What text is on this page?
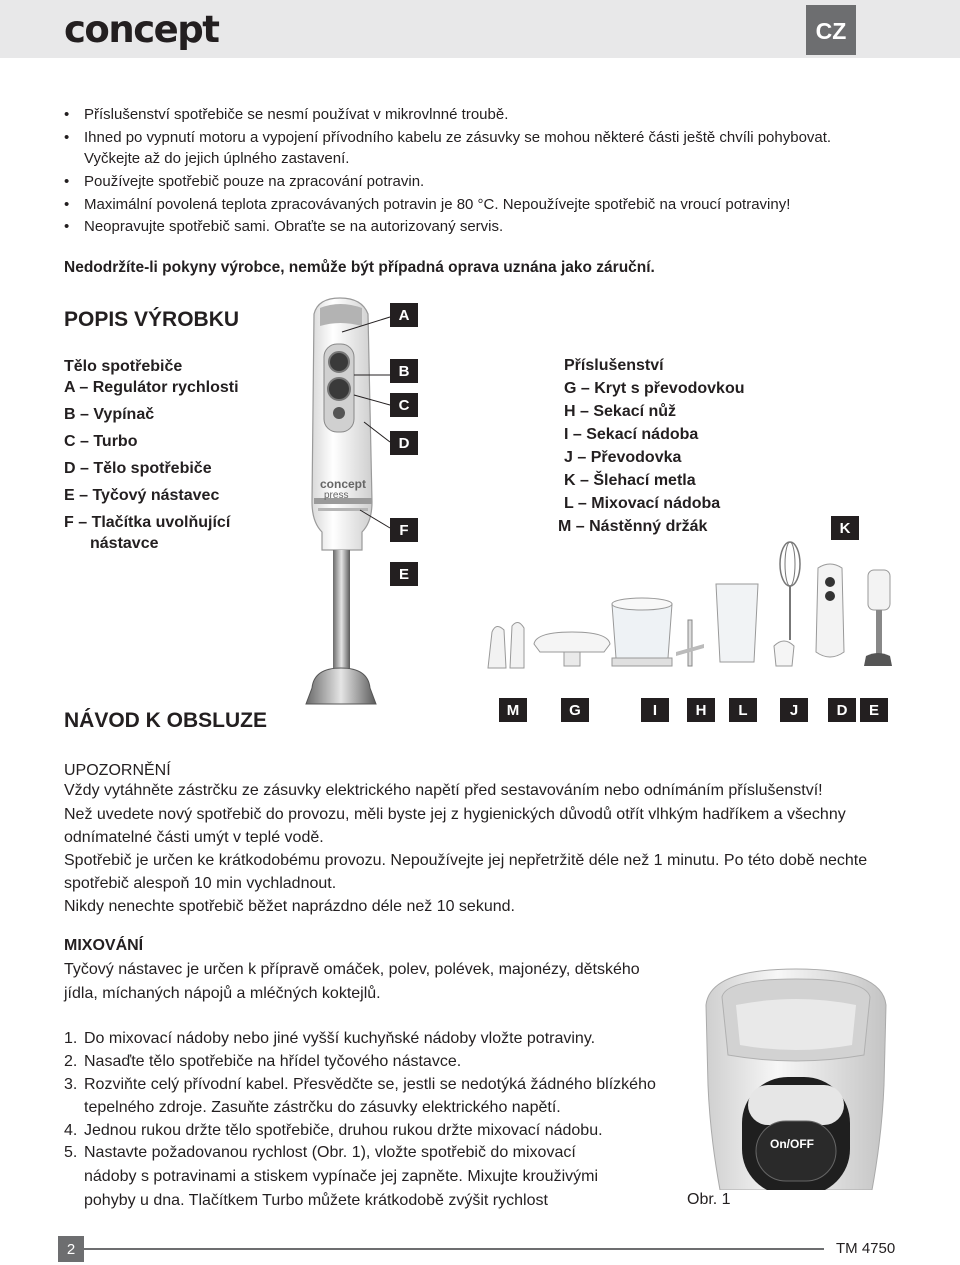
concept	CZ
• Příslušenství spotřebiče se nesmí používat v mikrovlnné troubě.
• Ihned po vypnutí motoru a vypojení přívodního kabelu ze zásuvky se mohou některé části ještě chvíli pohybovat.
Vyčkejte až do jejich úplného zastavení.
• Používejte spotřebič pouze na zpracování potravin.
• Maximální povolená teplota zpracovávaných potravin je 80 °C. Nepoužívejte spotřebič na vroucí potraviny!
• Neopravujte spotřebič sami. Obraťte se na autorizovaný servis.
Nedodržíte-li pokyny výrobce, nemůže být případná oprava uznána jako záruční.
POPIS VÝROBKU
Tělo spotřebiče
A – Regulátor rychlosti
B – Vypínač
C – Turbo
D – Tělo spotřebiče
E – Tyčový nástavec
F – Tlačítka uvolňující
nástavce
Příslušenství
G – Kryt s převodovkou
H – Sekací nůž
I – Sekací nádoba
J – Převodovka
K – Šlehací metla
L – Mixovací nádoba
M – Nástěnný držák
concept
press
A
B
C
D
F
E
K
M	G	I	H	L	J	D	E
NÁVOD K OBSLUZE
UPOZORNĚNÍ
Vždy vytáhněte zástrčku ze zásuvky elektrického napětí před sestavováním nebo odnímáním příslušenství!
Než uvedete nový spotřebič do provozu, měli byste jej z hygienických důvodů otřít vlhkým hadříkem a všechny
odnímatelné části umýt v teplé vodě.
Spotřebič je určen ke krátkodobému provozu. Nepoužívejte jej nepřetržitě déle než 1 minutu. Po této době nechte
spotřebič alespoň 10 min vychladnout.
Nikdy nenechte spotřebič běžet naprázdno déle než 10 sekund.
MIXOVÁNÍ
Tyčový nástavec je určen k přípravě omáček, polev, polévek, majonézy, dětského
jídla, míchaných nápojů a mléčných koktejlů.
1. Do mixovací nádoby nebo jiné vyšší kuchyňské nádoby vložte potraviny.
2. Nasaďte tělo spotřebiče na hřídel tyčového nástavce.
3. Rozviňte celý přívodní kabel. Přesvědčte se, jestli se nedotýká žádného blízkého
tepelného zdroje. Zasuňte zástrčku do zásuvky elektrického napětí.
4. Jednou rukou držte tělo spotřebiče, druhou rukou držte mixovací nádobu.
5. Nastavte požadovanou rychlost (Obr. 1), vložte spotřebič do mixovací
nádoby s potravinami a stiskem vypínače jej zapněte. Mixujte krouživými
pohyby u dna. Tlačítkem Turbo můžete krátkodobě zvýšit rychlost
On/OFF
Obr. 1
2	TM 4750
